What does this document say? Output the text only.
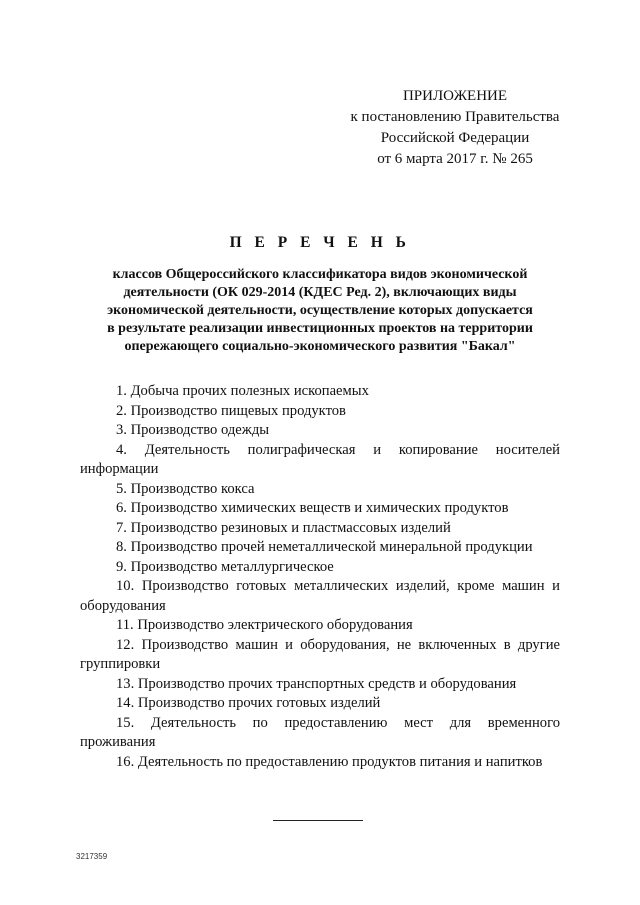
ПРИЛОЖЕНИЕ
к постановлению Правительства
Российской Федерации
от 6 марта 2017 г. № 265
П Е Р Е Ч Е Н Ь
классов Общероссийского классификатора видов экономической
деятельности (ОК 029-2014 (КДЕС Ред. 2), включающих виды
экономической деятельности, осуществление которых допускается
в результате реализации инвестиционных проектов на территории
опережающего социально-экономического развития "Бакал"

1. Добыча прочих полезных ископаемых

2. Производство пищевых продуктов

3. Производство одежды

4. Деятельность полиграфическая и копирование носителей информации

5. Производство кокса

6. Производство химических веществ и химических продуктов

7. Производство резиновых и пластмассовых изделий

8. Производство прочей неметаллической минеральной продукции

9. Производство металлургическое

10. Производство готовых металлических изделий, кроме машин и оборудования

11. Производство электрического оборудования

12. Производство машин и оборудования, не включенных в другие группировки

13. Производство прочих транспортных средств и оборудования

14. Производство прочих готовых изделий

15. Деятельность по предоставлению мест для временного проживания

16. Деятельность по предоставлению продуктов питания и напитков

3217359
